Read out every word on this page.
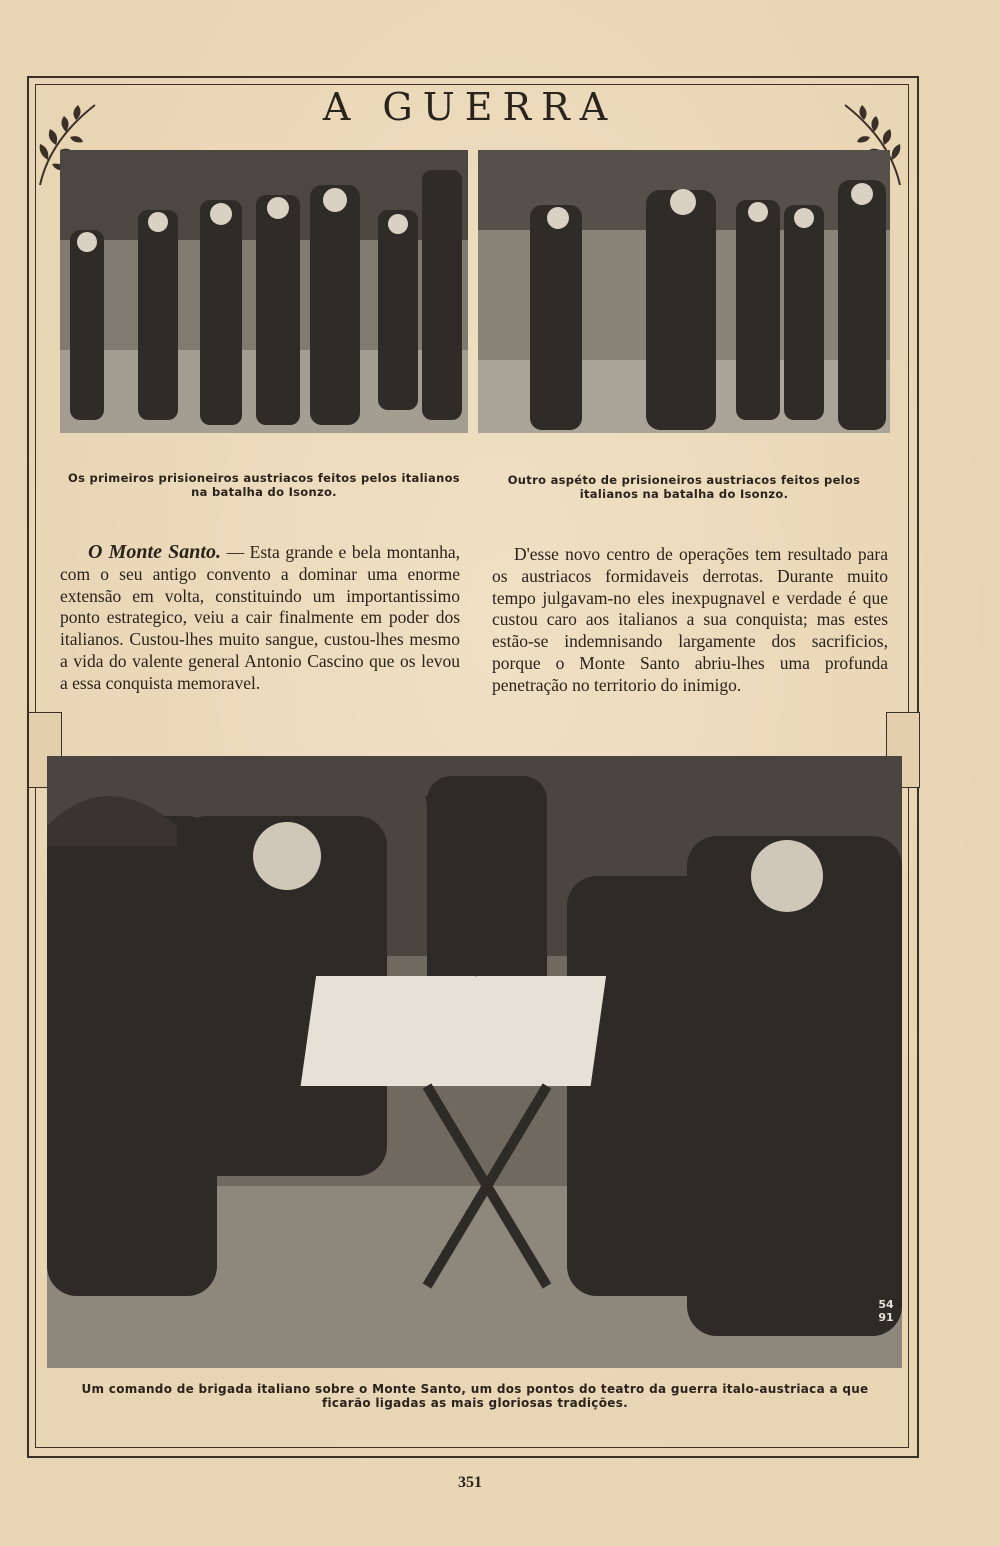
A GUERRA
Os primeiros prisioneiros austriacos feitos pelos italianos na batalha do Isonzo.
Outro aspéto de prisioneiros austriacos feitos pelos italianos na batalha do Isonzo.
O Monte Santo. — Esta grande e bela montanha, com o seu antigo convento a dominar uma enorme extensão em volta, constituindo um importantissimo ponto estrategico, veiu a cair finalmente em poder dos italianos. Custou-lhes muito sangue, custou-lhes mesmo a vida do valente general Antonio Cascino que os levou a essa conquista memoravel.
D'esse novo centro de operações tem resultado para os austriacos formidaveis derrotas. Durante muito tempo julgavam-no eles inexpugnavel e verdade é que custou caro aos italianos a sua conquista; mas estes estão-se indemnisando largamente dos sacrificios, porque o Monte Santo abriu-lhes uma profunda penetração no territorio do inimigo.
54 91
Um comando de brigada italiano sobre o Monte Santo, um dos pontos do teatro da guerra italo-austriaca a que ficarão ligadas as mais gloriosas tradições.
351
